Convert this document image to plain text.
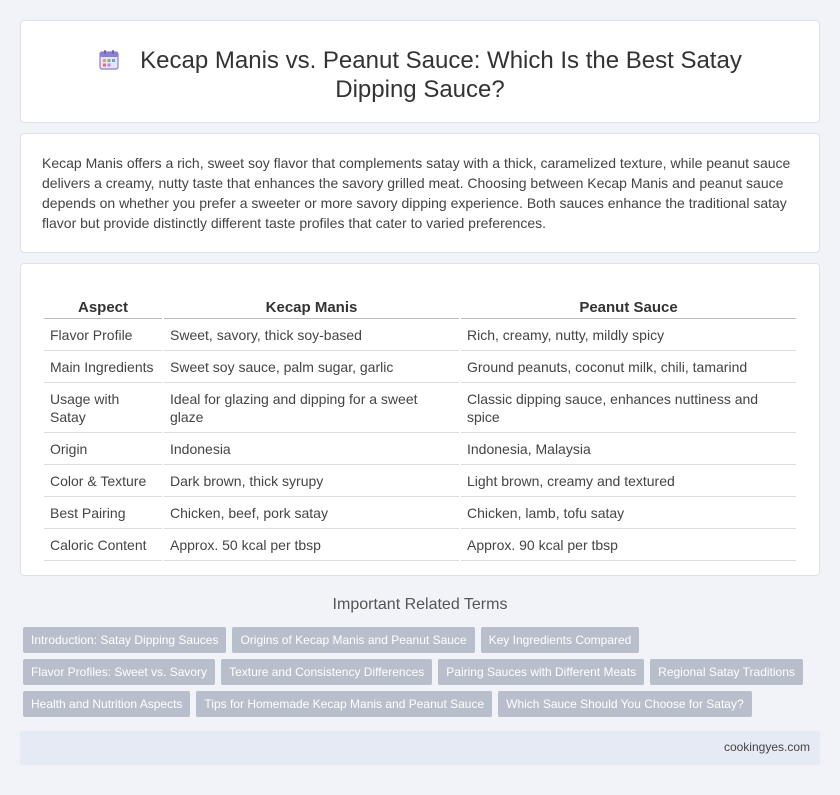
Kecap Manis vs. Peanut Sauce: Which Is the Best Satay Dipping Sauce?

Kecap Manis offers a rich, sweet soy flavor that complements satay with a thick, caramelized texture, while peanut sauce delivers a creamy, nutty taste that enhances the savory grilled meat. Choosing between Kecap Manis and peanut sauce depends on whether you prefer a sweeter or more savory dipping experience. Both sauces enhance the traditional satay flavor but provide distinctly different taste profiles that cater to varied preferences.

Aspect	Kecap Manis	Peanut Sauce
Flavor Profile	Sweet, savory, thick soy-based	Rich, creamy, nutty, mildly spicy
Main Ingredients	Sweet soy sauce, palm sugar, garlic	Ground peanuts, coconut milk, chili, tamarind
Usage with Satay	Ideal for glazing and dipping for a sweet glaze	Classic dipping sauce, enhances nuttiness and spice
Origin	Indonesia	Indonesia, Malaysia
Color & Texture	Dark brown, thick syrupy	Light brown, creamy and textured
Best Pairing	Chicken, beef, pork satay	Chicken, lamb, tofu satay
Caloric Content	Approx. 50 kcal per tbsp	Approx. 90 kcal per tbsp
Important Related Terms
Introduction: Satay Dipping Sauces	Origins of Kecap Manis and Peanut Sauce	Key Ingredients Compared
Flavor Profiles: Sweet vs. Savory	Texture and Consistency Differences	Pairing Sauces with Different Meats	Regional Satay Traditions
Health and Nutrition Aspects	Tips for Homemade Kecap Manis and Peanut Sauce	Which Sauce Should You Choose for Satay?
cookingyes.com
